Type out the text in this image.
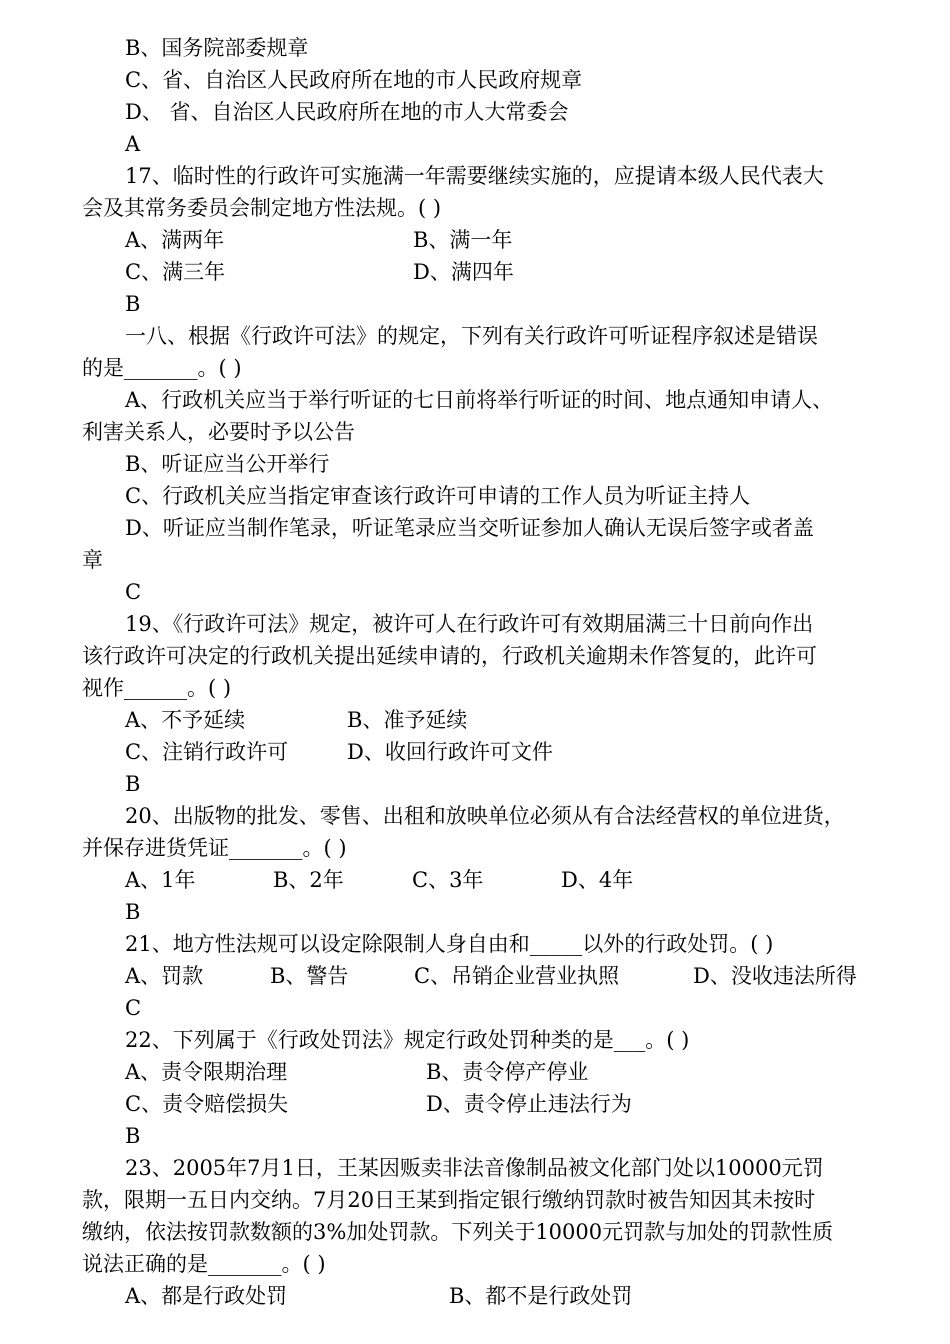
B、国务院部委规章
C、省、自治区人民政府所在地的市人民政府规章
D、 省、自治区人民政府所在地的市人大常委会
A
17、临时性的行政许可实施满一年需要继续实施的，应提请本级人民代表大
会及其常务委员会制定地方性法规。( )
A、满两年	B、满一年
C、满三年	D、满四年
B
一八、根据《行政许可法》的规定，下列有关行政许可听证程序叙述是错误
的是_______。( )
A、行政机关应当于举行听证的七日前将举行听证的时间、地点通知申请人、
利害关系人，必要时予以公告
B、听证应当公开举行
C、行政机关应当指定审查该行政许可申请的工作人员为听证主持人
D、听证应当制作笔录，听证笔录应当交听证参加人确认无误后签字或者盖
章
C
19、《行政许可法》规定，被许可人在行政许可有效期届满三十日前向作出
该行政许可决定的行政机关提出延续申请的，行政机关逾期未作答复的，此许可
视作______。( )
A、不予延续	B、准予延续
C、注销行政许可	D、收回行政许可文件
B
20、出版物的批发、零售、出租和放映单位必须从有合法经营权的单位进货，
并保存进货凭证_______。( )
A、1年	B、2年	C、3年	D、4年
B
21、地方性法规可以设定除限制人身自由和_____以外的行政处罚。( )
A、罚款	B、警告	C、吊销企业营业执照	D、没收违法所得
C
22、下列属于《行政处罚法》规定行政处罚种类的是___。( )
A、责令限期治理	B、责令停产停业
C、责令赔偿损失	D、责令停止违法行为
B
23、2005年7月1日，王某因贩卖非法音像制品被文化部门处以10000元罚
款，限期一五日内交纳。7月20日王某到指定银行缴纳罚款时被告知因其未按时
缴纳，依法按罚款数额的3%加处罚款。下列关于10000元罚款与加处的罚款性质
说法正确的是_______。( )
A、都是行政处罚	B、都不是行政处罚
